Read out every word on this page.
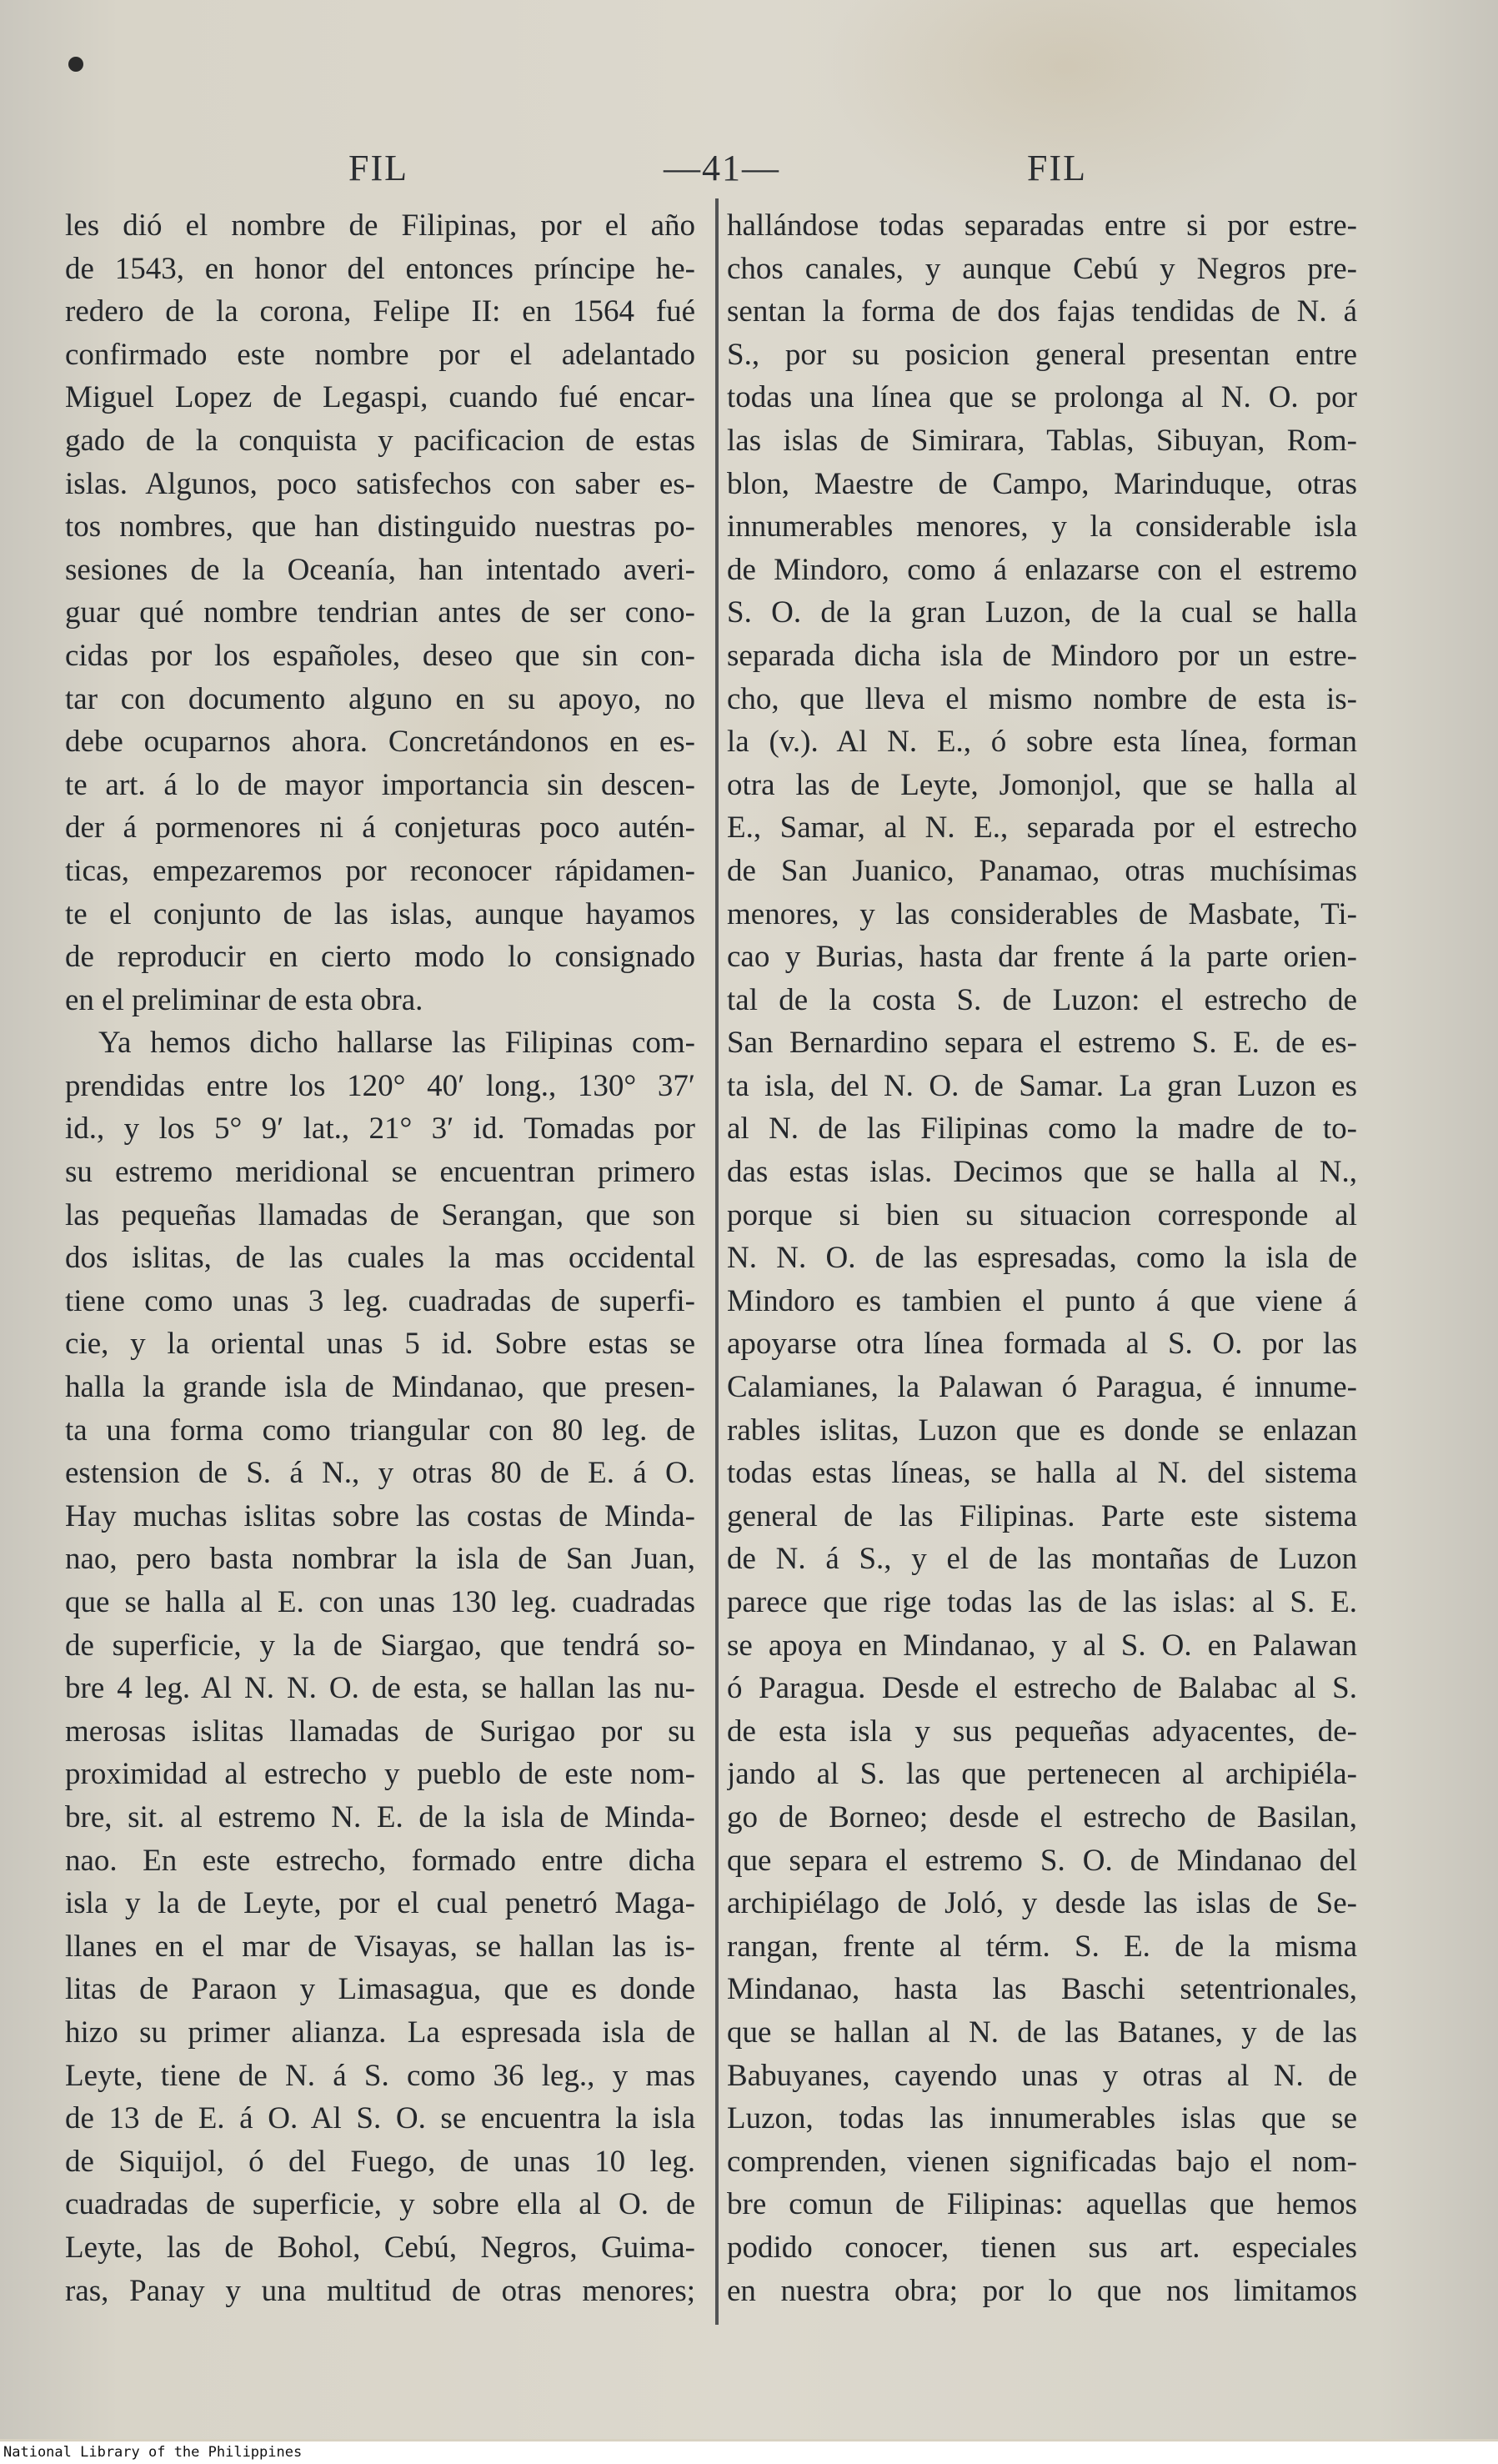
FIL	—41—	FIL
les dió el nombre de Filipinas, por el año
de 1543, en honor del entonces príncipe he-
redero de la corona, Felipe II: en 1564 fué
confirmado este nombre por el adelantado
Miguel Lopez de Legaspi, cuando fué encar-
gado de la conquista y pacificacion de estas
islas. Algunos, poco satisfechos con saber es-
tos nombres, que han distinguido nuestras po-
sesiones de la Oceanía, han intentado averi-
guar qué nombre tendrian antes de ser cono-
cidas por los españoles, deseo que sin con-
tar con documento alguno en su apoyo, no
debe ocuparnos ahora. Concretándonos en es-
te art. á lo de mayor importancia sin descen-
der á pormenores ni á conjeturas poco autén-
ticas, empezaremos por reconocer rápidamen-
te el conjunto de las islas, aunque hayamos
de reproducir en cierto modo lo consignado
en el preliminar de esta obra.
Ya hemos dicho hallarse las Filipinas com-
prendidas entre los 120° 40′ long., 130° 37′
id., y los 5° 9′ lat., 21° 3′ id. Tomadas por
su estremo meridional se encuentran primero
las pequeñas llamadas de Serangan, que son
dos islitas, de las cuales la mas occidental
tiene como unas 3 leg. cuadradas de superfi-
cie, y la oriental unas 5 id. Sobre estas se
halla la grande isla de Mindanao, que presen-
ta una forma como triangular con 80 leg. de
estension de S. á N., y otras 80 de E. á O.
Hay muchas islitas sobre las costas de Minda-
nao, pero basta nombrar la isla de San Juan,
que se halla al E. con unas 130 leg. cuadradas
de superficie, y la de Siargao, que tendrá so-
bre 4 leg. Al N. N. O. de esta, se hallan las nu-
merosas islitas llamadas de Surigao por su
proximidad al estrecho y pueblo de este nom-
bre, sit. al estremo N. E. de la isla de Minda-
nao. En este estrecho, formado entre dicha
isla y la de Leyte, por el cual penetró Maga-
llanes en el mar de Visayas, se hallan las is-
litas de Paraon y Limasagua, que es donde
hizo su primer alianza. La espresada isla de
Leyte, tiene de N. á S. como 36 leg., y mas
de 13 de E. á O. Al S. O. se encuentra la isla
de Siquijol, ó del Fuego, de unas 10 leg.
cuadradas de superficie, y sobre ella al O. de
Leyte, las de Bohol, Cebú, Negros, Guima-
ras, Panay y una multitud de otras menores;
hallándose todas separadas entre si por estre-
chos canales, y aunque Cebú y Negros pre-
sentan la forma de dos fajas tendidas de N. á
S., por su posicion general presentan entre
todas una línea que se prolonga al N. O. por
las islas de Simirara, Tablas, Sibuyan, Rom-
blon, Maestre de Campo, Marinduque, otras
innumerables menores, y la considerable isla
de Mindoro, como á enlazarse con el estremo
S. O. de la gran Luzon, de la cual se halla
separada dicha isla de Mindoro por un estre-
cho, que lleva el mismo nombre de esta is-
la (v.). Al N. E., ó sobre esta línea, forman
otra las de Leyte, Jomonjol, que se halla al
E., Samar, al N. E., separada por el estrecho
de San Juanico, Panamao, otras muchísimas
menores, y las considerables de Masbate, Ti-
cao y Burias, hasta dar frente á la parte orien-
tal de la costa S. de Luzon: el estrecho de
San Bernardino separa el estremo S. E. de es-
ta isla, del N. O. de Samar. La gran Luzon es
al N. de las Filipinas como la madre de to-
das estas islas. Decimos que se halla al N.,
porque si bien su situacion corresponde al
N. N. O. de las espresadas, como la isla de
Mindoro es tambien el punto á que viene á
apoyarse otra línea formada al S. O. por las
Calamianes, la Palawan ó Paragua, é innume-
rables islitas, Luzon que es donde se enlazan
todas estas líneas, se halla al N. del sistema
general de las Filipinas. Parte este sistema
de N. á S., y el de las montañas de Luzon
parece que rige todas las de las islas: al S. E.
se apoya en Mindanao, y al S. O. en Palawan
ó Paragua. Desde el estrecho de Balabac al S.
de esta isla y sus pequeñas adyacentes, de-
jando al S. las que pertenecen al archipiéla-
go de Borneo; desde el estrecho de Basilan,
que separa el estremo S. O. de Mindanao del
archipiélago de Joló, y desde las islas de Se-
rangan, frente al térm. S. E. de la misma
Mindanao, hasta las Baschi setentrionales,
que se hallan al N. de las Batanes, y de las
Babuyanes, cayendo unas y otras al N. de
Luzon, todas las innumerables islas que se
comprenden, vienen significadas bajo el nom-
bre comun de Filipinas: aquellas que hemos
podido conocer, tienen sus art. especiales
en nuestra obra; por lo que nos limitamos
National Library of the Philippines
